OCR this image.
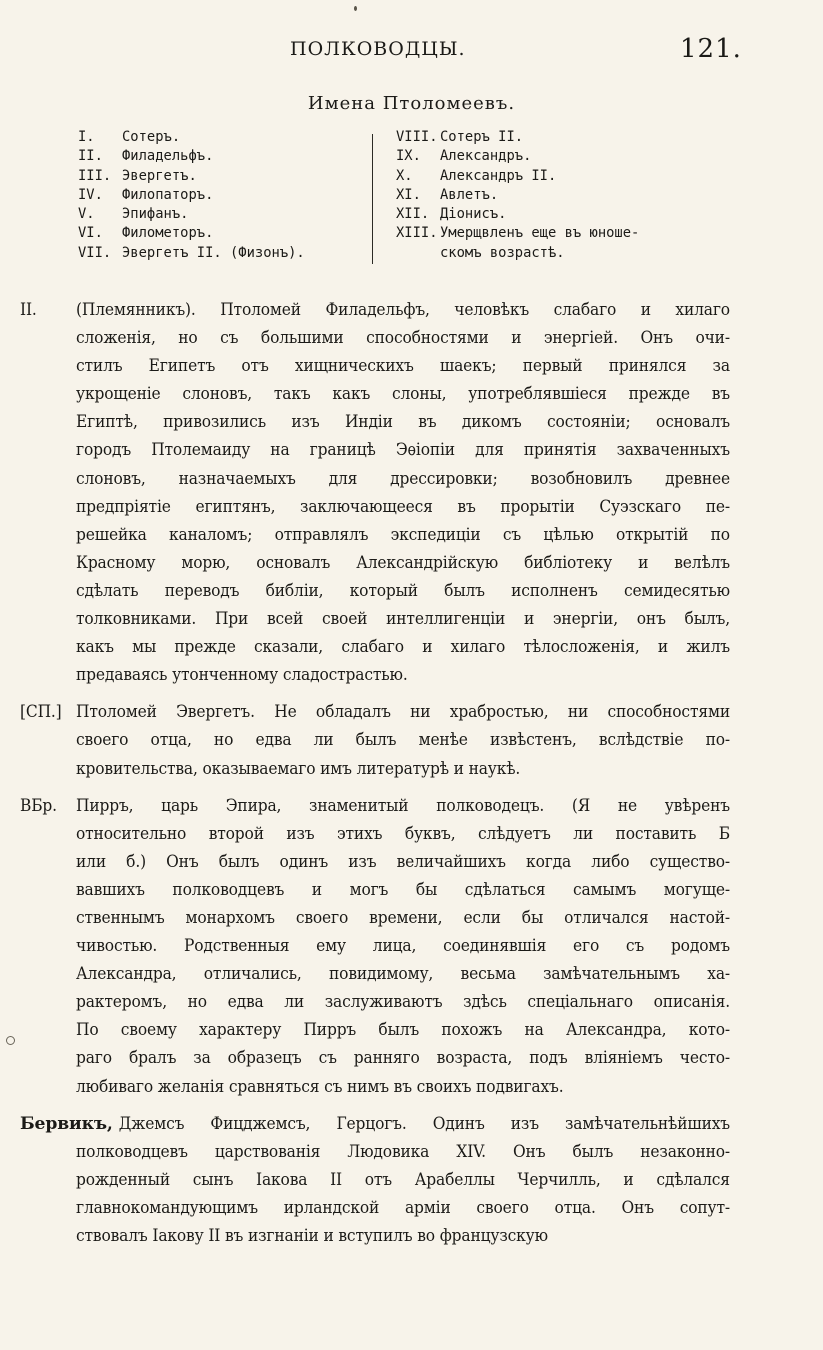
ПОЛКОВОДЦЫ.	121.
Имена Птоломеевъ.
I. Сотеръ.
II. Филадельфъ.
III. Эвергетъ.
IV. Филопаторъ.
V. Эпифанъ.
VI. Филометоръ.
VII. Эвергетъ II. (Физонъ).
VIII. Сотеръ II.
IX. Александръ.
X. Александръ II.
XI. Авлетъ.
XII. Діонисъ.
XIII. Умерщвленъ еще въ юноше-
скомъ возрастѣ.
II.	(Племянникъ). Птоломей Филадельфъ, человѣкъ слабаго и хилаго
сложенія, но съ большими способностями и энергіей. Онъ очи-
стилъ Египетъ отъ хищническихъ шаекъ; первый принялся за
укрощеніе слоновъ, такъ какъ слоны, употреблявшіеся прежде въ
Египтѣ, привозились изъ Индіи въ дикомъ состояніи; основалъ
городъ Птолемаиду на границѣ Эѳіопіи для принятія захваченныхъ
слоновъ, назначаемыхъ для дрессировки; возобновилъ древнее
предпріятіе египтянъ, заключающееся въ прорытіи Суэзскаго пе-
решейка каналомъ; отправлялъ экспедиціи съ цѣлью открытій по
Красному морю, основалъ Александрійскую библіотеку и велѣлъ
сдѣлать переводъ библіи, который былъ исполненъ семидесятью
толковниками. При всей своей интеллигенціи и энергіи, онъ былъ,
какъ мы прежде сказали, слабаго и хилаго тѣлосложенія, и жилъ
предаваясь утонченному сладострастью.
[СП.] Птоломей Эвергетъ. Не обладалъ ни храбростью, ни способностями
своего отца, но едва ли былъ менѣе извѣстенъ, вслѣдствіе по-
кровительства, оказываемаго имъ литературѣ и наукѣ.
ВБр.	Пирръ, царь Эпира, знаменитый полководецъ. (Я не увѣренъ
относительно второй изъ этихъ буквъ, слѣдуетъ ли поставить Б
или б.) Онъ былъ одинъ изъ величайшихъ когда либо существо-
вавшихъ полководцевъ и могъ бы сдѣлаться самымъ могуще-
ственнымъ монархомъ своего времени, если бы отличался настой-
чивостью. Родственныя ему лица, соединявшія его съ родомъ
Александра, отличались, повидимому, весьма замѣчательнымъ ха-
рактеромъ, но едва ли заслуживаютъ здѣсь спеціальнаго описанія.
По своему характеру Пирръ былъ похожъ на Александра, кото-
раго бралъ за образецъ съ ранняго возраста, подъ вліяніемъ често-
любиваго желанія сравняться съ нимъ въ своихъ подвигахъ.
Бервикъ, Джемсъ Фицджемсъ, Герцогъ. Одинъ изъ замѣчательнѣйшихъ
полководцевъ царствованія Людовика XIV. Онъ былъ незаконно-
рожденный сынъ Іакова II отъ Арабеллы Черчилль, и сдѣлался
главнокомандующимъ ирландской арміи своего отца. Онъ сопут-
ствовалъ Іакову II въ изгнаніи и вступилъ во французскую
